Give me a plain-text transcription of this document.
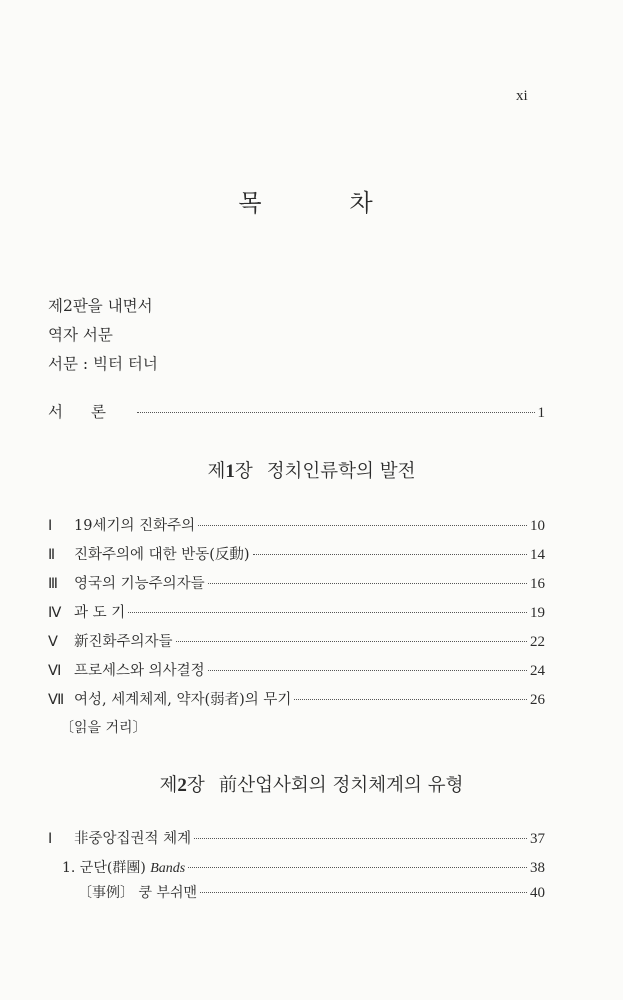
xi
목　차
제2판을 내면서
역자 서문
서문 : 빅터 터너
서론	1
제1장 정치인류학의 발전
Ⅰ	19세기의 진화주의	10
Ⅱ	진화주의에 대한 반동(反動)	14
Ⅲ	영국의 기능주의자들	16
Ⅳ 과 도 기	19
Ⅴ	新진화주의자들	22
Ⅵ 프로세스와 의사결정	24
Ⅶ 여성, 세계체제, 약자(弱者)의 무기	26
〔읽을 거리〕
제2장 前산업사회의 정치체계의 유형
Ⅰ	非중앙집권적 체계	37
1. 군단(群團) Bands	38
〔事例〕 쿵 부쉬맨	40
